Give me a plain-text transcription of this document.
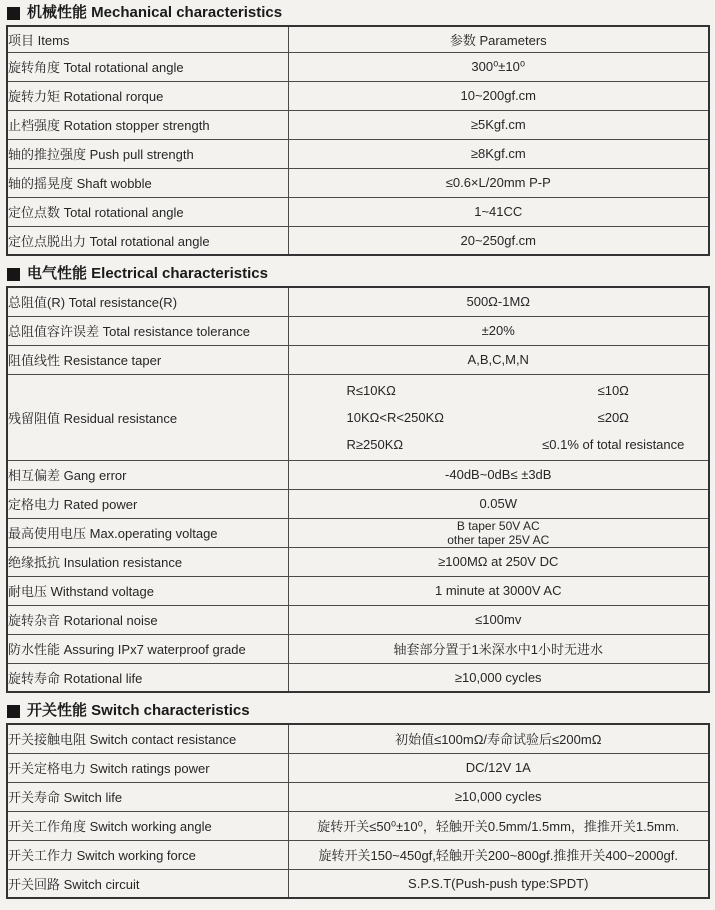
机械性能 Mechanical characteristics
项目 Items	参数 Parameters
旋转角度 Total rotational angle	300⁰±10⁰
旋转力矩 Rotational rorque	10~200gf.cm
止档强度 Rotation stopper strength	≥5Kgf.cm
轴的推拉强度 Push pull strength	≥8Kgf.cm
轴的摇晃度 Shaft wobble	≤0.6×L/20mm P-P
定位点数 Total rotational angle	1~41CC
定位点脱出力 Total rotational angle	20~250gf.cm
电气性能 Electrical characteristics
总阻值(R) Total resistance(R)	500Ω-1MΩ
总阻值容许误差 Total resistance tolerance	±20%
阻值线性 Resistance taper	A,B,C,M,N
残留阻值 Residual resistance	
R≤10KΩ	≤10Ω
10KΩ<R<250KΩ	≤20Ω
R≥250KΩ	≤0.1% of total resistance

相互偏差 Gang error	-40dB~0dB≤ ±3dB
定格电力 Rated power	0.05W
最高使用电压 Max.operating voltage	B taper 50V AC
other taper 25V AC

绝缘抵抗 Insulation resistance	≥100MΩ at 250V DC
耐电压 Withstand voltage	1 minute at 3000V AC
旋转杂音 Rotarional noise	≤100mv
防水性能 Assuring IPx7 waterproof grade	轴套部分置于1米深水中1小时无进水
旋转寿命 Rotational life	≥10,000 cycles
开关性能 Switch characteristics
开关接触电阻 Switch contact resistance	初始值≤100mΩ/寿命试验后≤200mΩ
开关定格电力 Switch ratings power	DC/12V 1A
开关寿命 Switch life	≥10,000 cycles
开关工作角度 Switch working angle	旋转开关≤50⁰±10⁰，轻触开关0.5mm/1.5mm，推推开关1.5mm.
开关工作力 Switch working force	旋转开关150~450gf,轻触开关200~800gf.推推开关400~2000gf.
开关回路 Switch circuit	S.P.S.T(Push-push type:SPDT)
